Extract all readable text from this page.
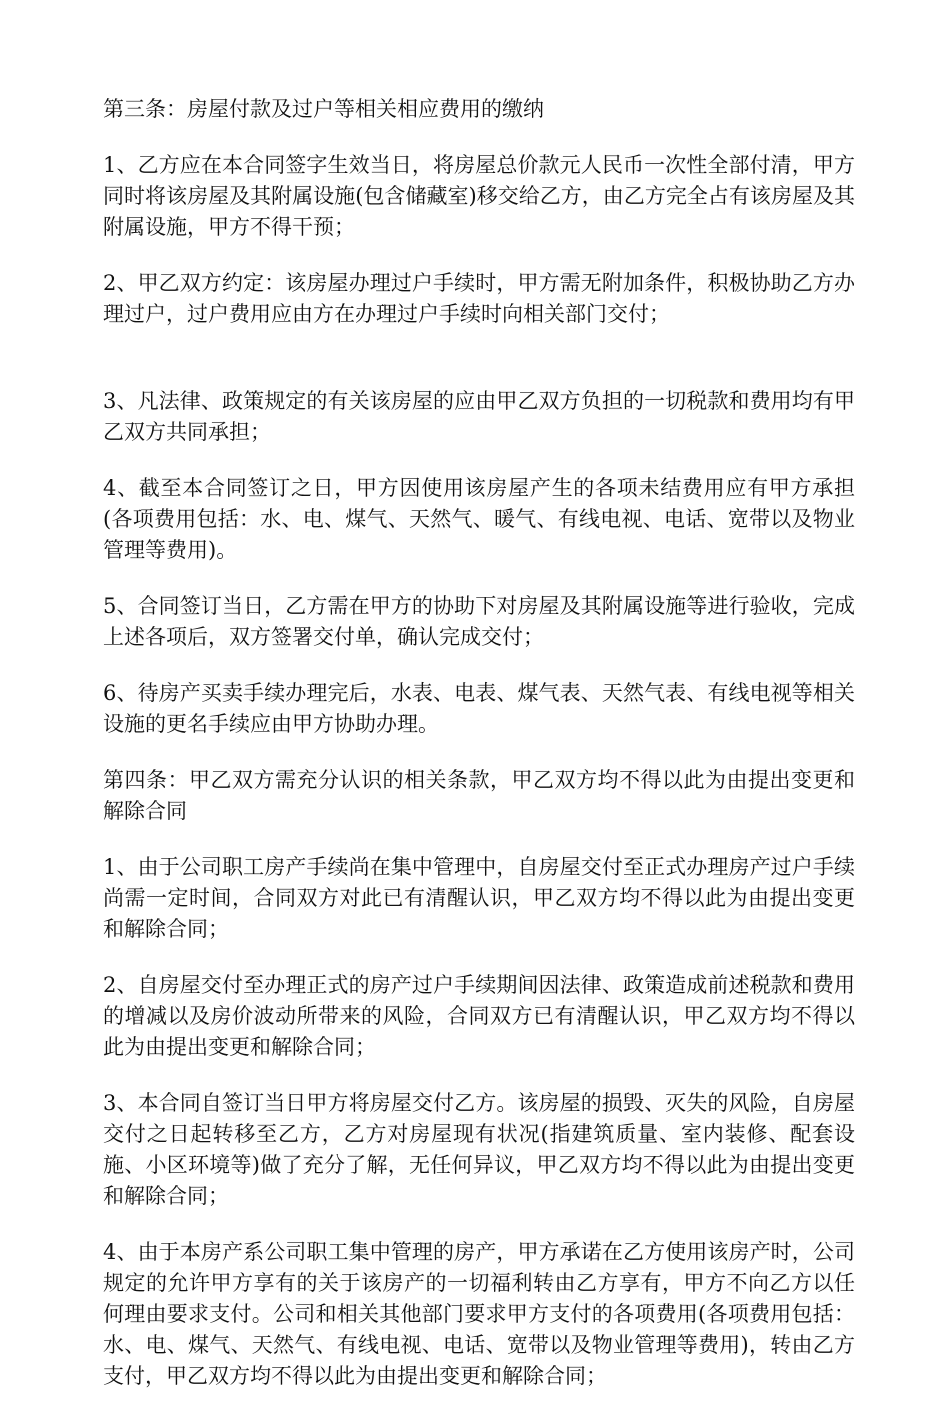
第三条：房屋付款及过户等相关相应费用的缴纳

1、乙方应在本合同签字生效当日，将房屋总价款元人民币一次性全部付清，甲方同时将该房屋及其附属设施(包含储藏室)移交给乙方，由乙方完全占有该房屋及其附属设施，甲方不得干预；

2、甲乙双方约定：该房屋办理过户手续时，甲方需无附加条件，积极协助乙方办理过户，过户费用应由方在办理过户手续时向相关部门交付；

3、凡法律、政策规定的有关该房屋的应由甲乙双方负担的一切税款和费用均有甲乙双方共同承担；

4、截至本合同签订之日，甲方因使用该房屋产生的各项未结费用应有甲方承担(各项费用包括：水、电、煤气、天然气、暖气、有线电视、电话、宽带以及物业管理等费用)。

5、合同签订当日，乙方需在甲方的协助下对房屋及其附属设施等进行验收，完成上述各项后，双方签署交付单，确认完成交付；

6、待房产买卖手续办理完后，水表、电表、煤气表、天然气表、有线电视等相关设施的更名手续应由甲方协助办理。

第四条：甲乙双方需充分认识的相关条款，甲乙双方均不得以此为由提出变更和解除合同

1、由于公司职工房产手续尚在集中管理中，自房屋交付至正式办理房产过户手续尚需一定时间，合同双方对此已有清醒认识，甲乙双方均不得以此为由提出变更和解除合同；

2、自房屋交付至办理正式的房产过户手续期间因法律、政策造成前述税款和费用的增减以及房价波动所带来的风险，合同双方已有清醒认识，甲乙双方均不得以此为由提出变更和解除合同；

3、本合同自签订当日甲方将房屋交付乙方。该房屋的损毁、灭失的风险，自房屋交付之日起转移至乙方，乙方对房屋现有状况(指建筑质量、室内装修、配套设施、小区环境等)做了充分了解，无任何异议，甲乙双方均不得以此为由提出变更和解除合同；

4、由于本房产系公司职工集中管理的房产，甲方承诺在乙方使用该房产时，公司规定的允许甲方享有的关于该房产的一切福利转由乙方享有，甲方不向乙方以任何理由要求支付。公司和相关其他部门要求甲方支付的各项费用(各项费用包括：水、电、煤气、天然气、有线电视、电话、宽带以及物业管理等费用)，转由乙方支付，甲乙双方均不得以此为由提出变更和解除合同；
